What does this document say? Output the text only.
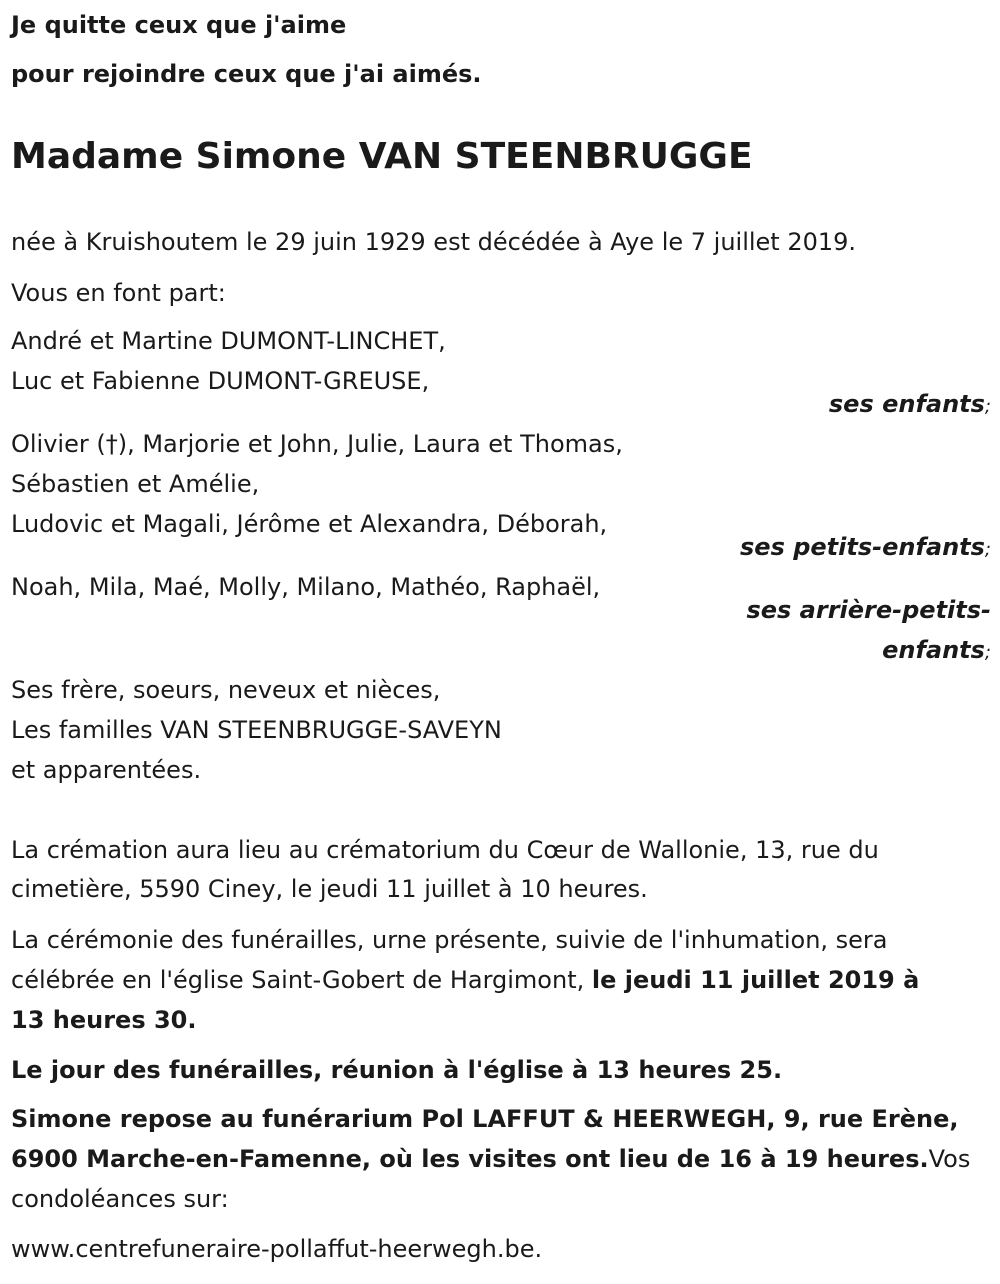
Je quitte ceux que j'aime
pour rejoindre ceux que j'ai aimés.
Madame Simone VAN STEENBRUGGE
née à Kruishoutem le 29 juin 1929 est décédée à Aye le 7 juillet 2019.
Vous en font part:
André et Martine DUMONT-LINCHET,
Luc et Fabienne DUMONT-GREUSE,
ses enfants;
Olivier (†), Marjorie et John, Julie, Laura et Thomas,
Sébastien et Amélie,
Ludovic et Magali, Jérôme et Alexandra, Déborah,
ses petits-enfants;
Noah, Mila, Maé, Molly, Milano, Mathéo, Raphaël,
ses arrière-petits-
enfants;
Ses frère, soeurs, neveux et nièces,
Les familles VAN STEENBRUGGE-SAVEYN
et apparentées.
La crémation aura lieu au crématorium du Cœur de Wallonie, 13, rue du
cimetière, 5590 Ciney, le jeudi 11 juillet à 10 heures.
La cérémonie des funérailles, urne présente, suivie de l'inhumation, sera
célébrée en l'église Saint-Gobert de Hargimont, le jeudi 11 juillet 2019 à
13 heures 30.
Le jour des funérailles, réunion à l'église à 13 heures 25.
Simone repose au funérarium Pol LAFFUT & HEERWEGH, 9, rue Erène,
6900 Marche-en-Famenne, où les visites ont lieu de 16 à 19 heures.Vos
condoléances sur:
www.centrefuneraire-pollaffut-heerwegh.be.
